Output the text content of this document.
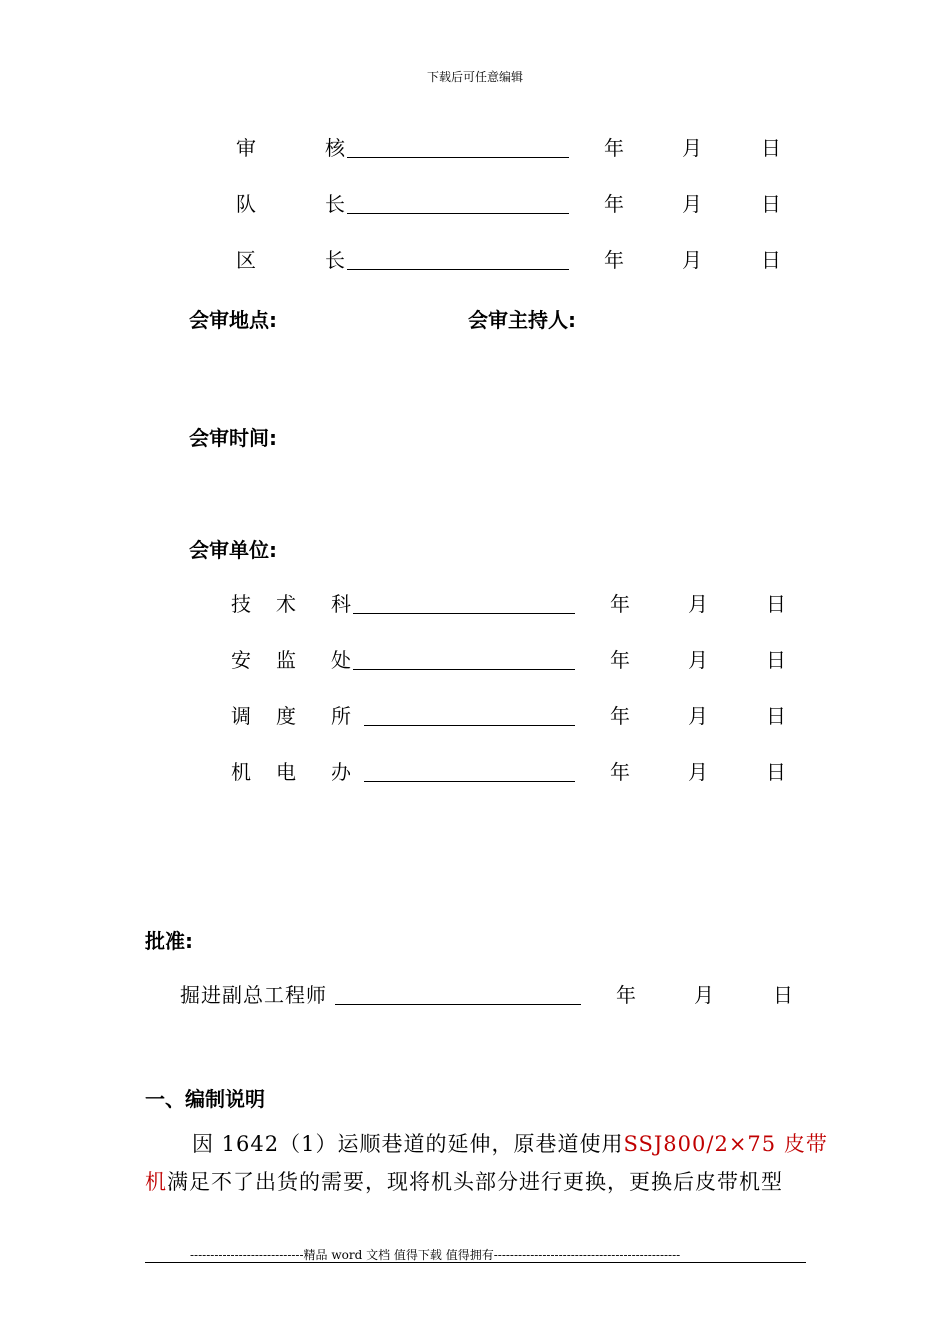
下载后可任意编辑
审	核	年	月	日
队	长	年	月	日
区	长	年	月	日
会审地点:	会审主持人:
会审时间:
会审单位:
技 术 科	年	月	日
安 监 处	年	月	日
调 度 所	年	月	日
机 电 办	年	月	日
批准:
掘进副总工程师	年	月	日
一、编制说明
因 1642（1）运顺巷道的延伸，原巷道使用SSJ800/2×75 皮带
机满足不了出货的需要，现将机头部分进行更换，更换后皮带机型
----------------------------精品 word 文档 值得下载 值得拥有----------------------------------------------
